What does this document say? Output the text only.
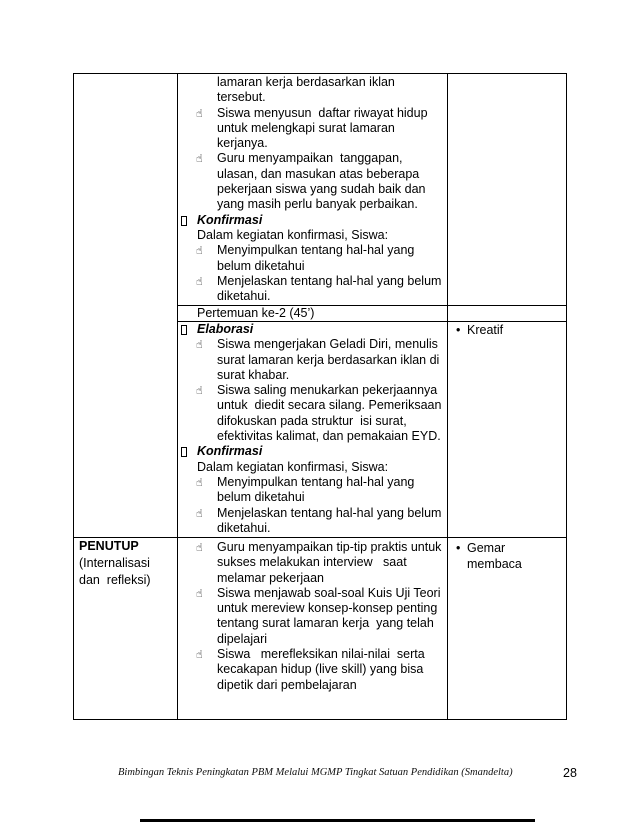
lamaran kerja berdasarkan iklan
tersebut.
☝
Siswa menyusun  daftar riwayat hidup
untuk melengkapi surat lamaran
kerjanya.
☝
Guru menyampaikan  tanggapan,
ulasan, dan masukan atas beberapa
pekerjaan siswa yang sudah baik dan
yang masih perlu banyak perbaikan.
Konfirmasi
Dalam kegiatan konfirmasi, Siswa:
☝
Menyimpulkan tentang hal-hal yang
belum diketahui
☝
Menjelaskan tentang hal-hal yang belum
diketahui.
Pertemuan ke-2 (45’)
Elaborasi
☝
Siswa mengerjakan Geladi Diri, menulis
surat lamaran kerja berdasarkan iklan di
surat khabar.
☝
Siswa saling menukarkan pekerjaannya
untuk  diedit secara silang. Pemeriksaan
difokuskan pada struktur  isi surat,
efektivitas kalimat, dan pemakaian EYD.
Konfirmasi
Dalam kegiatan konfirmasi, Siswa:
☝
Menyimpulkan tentang hal-hal yang
belum diketahui
☝
Menjelaskan tentang hal-hal yang belum
diketahui.
•
Kreatif
PENUTUP
(Internalisasi
dan  refleksi)
☝
Guru menyampaikan tip-tip praktis untuk
sukses melakukan interview   saat
melamar pekerjaan
☝
Siswa menjawab soal-soal Kuis Uji Teori
untuk mereview konsep-konsep penting
tentang surat lamaran kerja  yang telah
dipelajari
☝
Siswa   merefleksikan nilai-nilai  serta
kecakapan hidup (live skill) yang bisa
dipetik dari pembelajaran
•
Gemar
membaca
Bimbingan Teknis Peningkatan PBM Melalui MGMP Tingkat Satuan Pendidikan (Smandelta)	28
